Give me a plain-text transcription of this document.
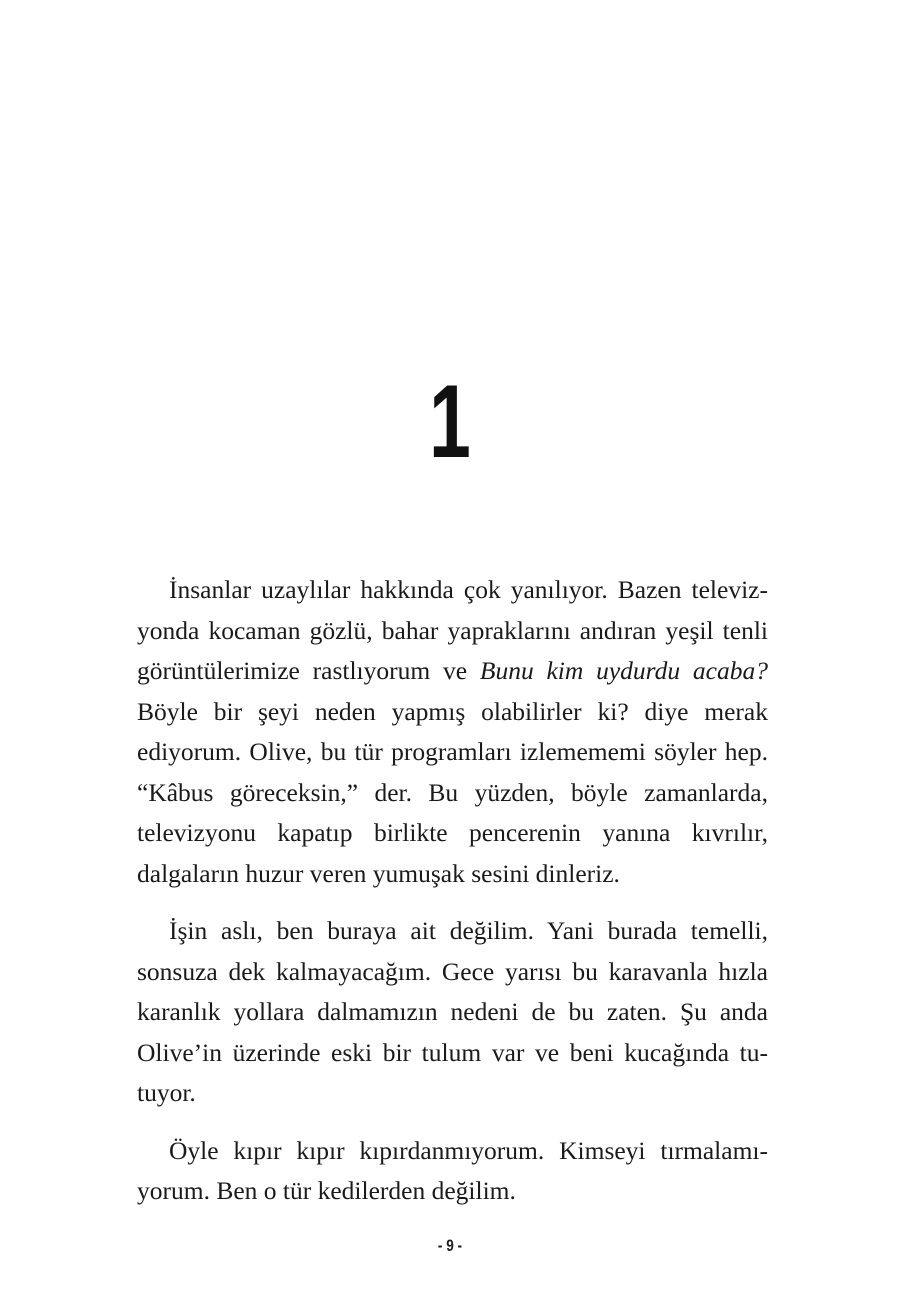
1

İnsanlar uzaylılar hakkında çok yanılıyor. Bazen televizyonda kocaman gözlü, bahar yapraklarını andıran yeşil tenli görüntülerimize rastlıyorum ve Bunu kim uydurdu acaba? Böyle bir şeyi neden yapmış olabilirler ki? diye merak ediyorum. Olive, bu tür programları izlemememi söyler hep. “Kâbus göreceksin,” der. Bu yüzden, böyle zamanlarda, televizyonu kapatıp birlikte pencerenin yanına kıvrılır, dalgaların huzur veren yumuşak sesini dinleriz.

İşin aslı, ben buraya ait değilim. Yani burada temelli, sonsuza dek kalmayacağım. Gece yarısı bu karavanla hızla karanlık yollara dalmamızın nedeni de bu zaten. Şu anda Olive’in üzerinde eski bir tulum var ve beni kucağında tutuyor.

Öyle kıpır kıpır kıpırdanmıyorum. Kimseyi tırmalamıyorum. Ben o tür kedilerden değilim.

- 9 -
